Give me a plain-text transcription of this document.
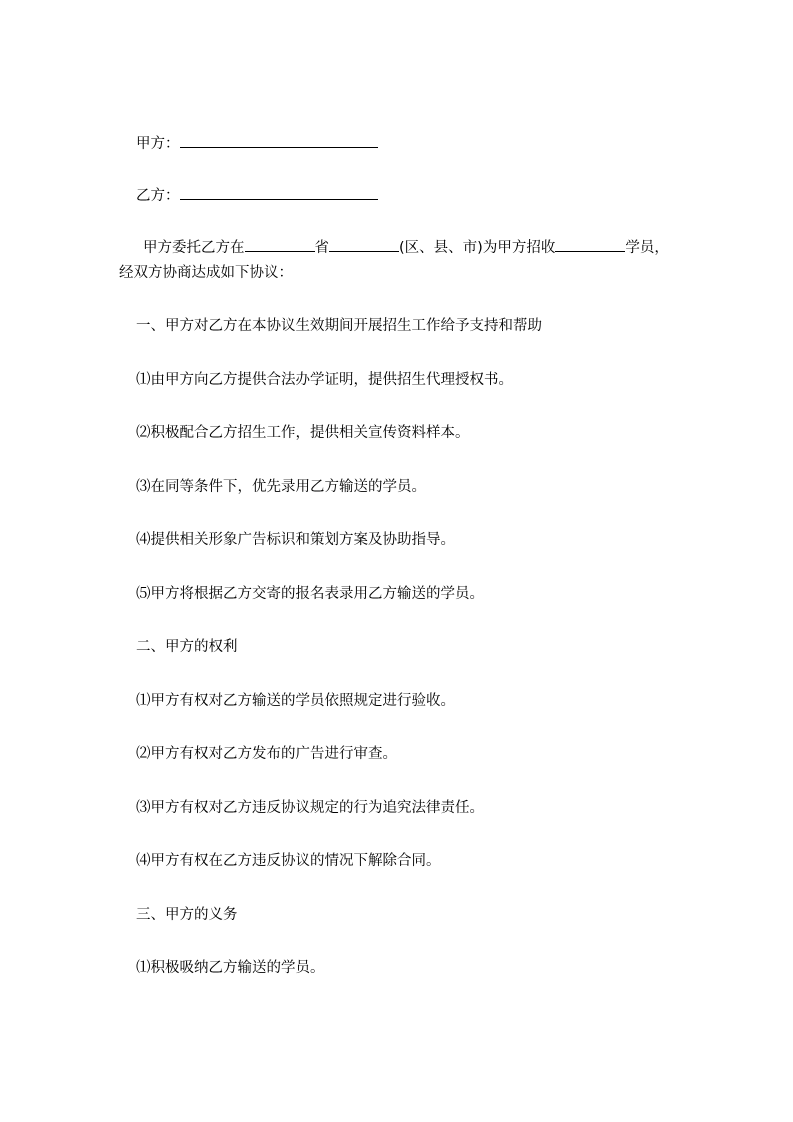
甲方：
乙方：
甲方委托乙方在	省	(区、县、市)为甲方招收	学员，
经双方协商达成如下协议：
一、甲方对乙方在本协议生效期间开展招生工作给予支持和帮助
⑴由甲方向乙方提供合法办学证明，提供招生代理授权书。
⑵积极配合乙方招生工作，提供相关宣传资料样本。
⑶在同等条件下，优先录用乙方输送的学员。
⑷提供相关形象广告标识和策划方案及协助指导。
⑸甲方将根据乙方交寄的报名表录用乙方输送的学员。
二、甲方的权利
⑴甲方有权对乙方输送的学员依照规定进行验收。
⑵甲方有权对乙方发布的广告进行审查。
⑶甲方有权对乙方违反协议规定的行为追究法律责任。
⑷甲方有权在乙方违反协议的情况下解除合同。
三、甲方的义务
⑴积极吸纳乙方输送的学员。
